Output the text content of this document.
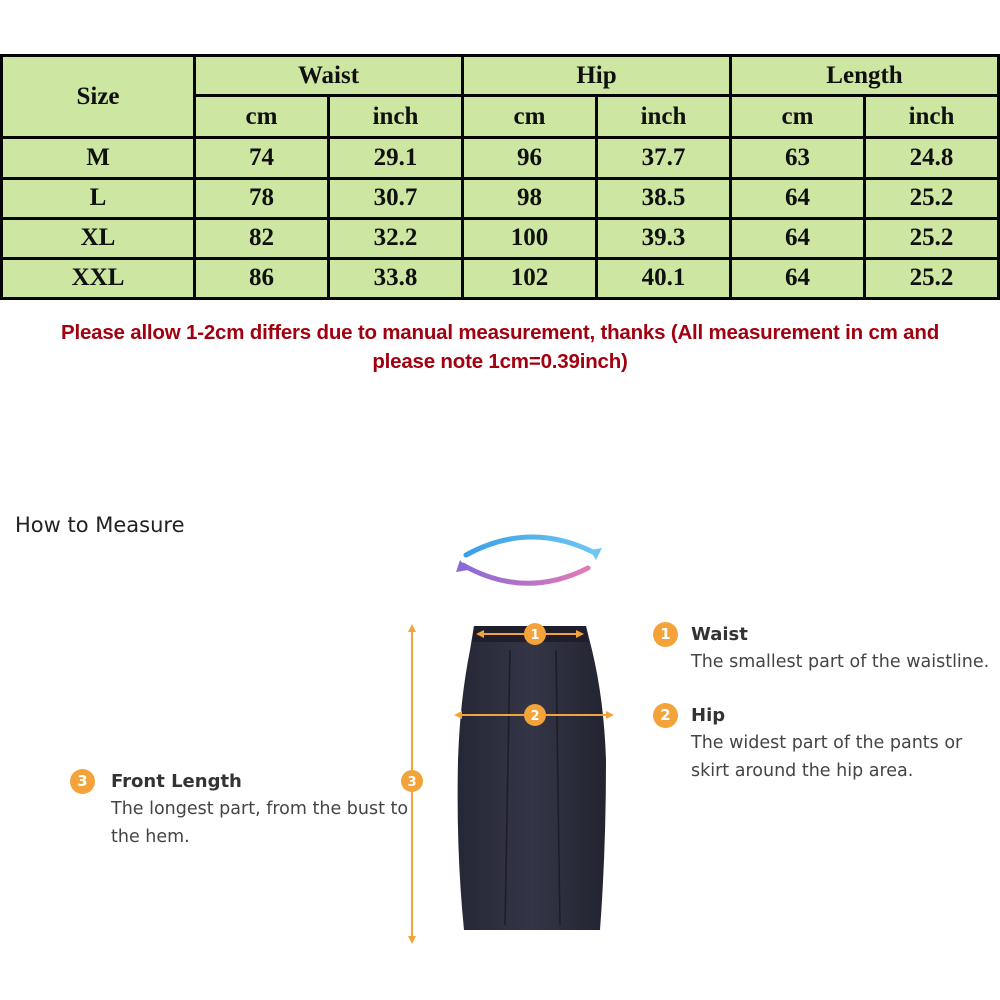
Size	Waist		Hip		Length	
	cm	inch	cm	inch	cm	inch
M	74	29.1	96	37.7	63	24.8
L	78	30.7	98	38.5	64	25.2
XL	82	32.2	100	39.3	64	25.2
XXL	86	33.8	102	40.1	64	25.2
Please allow 1-2cm differs due to manual measurement, thanks (All measurement in cm and
please note 1cm=0.39inch)
How to Measure
1
2
3
1	Waist
The smallest part of the waistline.
2	Hip
The widest part of the pants or
skirt around the hip area.
3	Front Length
The longest part, from the bust to
the hem.
